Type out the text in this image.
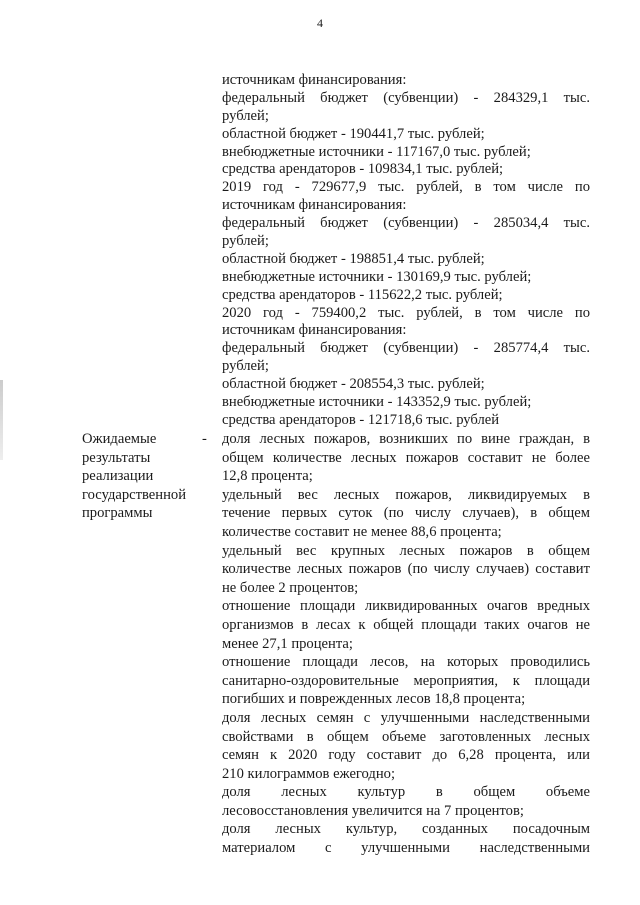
4
источникам финансирования:
федеральный бюджет (субвенции) - 284329,1 тыс.
рублей;
областной бюджет - 190441,7 тыс. рублей;
внебюджетные источники - 117167,0 тыс. рублей;
средства арендаторов - 109834,1 тыс. рублей;
2019 год - 729677,9 тыс. рублей, в том числе по
источникам финансирования:
федеральный бюджет (субвенции) - 285034,4 тыс.
рублей;
областной бюджет - 198851,4 тыс. рублей;
внебюджетные источники - 130169,9 тыс. рублей;
средства арендаторов - 115622,2 тыс. рублей;
2020 год - 759400,2 тыс. рублей, в том числе по
источникам финансирования:
федеральный бюджет (субвенции) - 285774,4 тыс.
рублей;
областной бюджет - 208554,3 тыс. рублей;
внебюджетные источники - 143352,9 тыс. рублей;
средства арендаторов - 121718,6 тыс. рублей
Ожидаемые
результаты
реализации
государственной
программы
- доля лесных пожаров, возникших по вине граждан, в
общем количестве лесных пожаров составит не более
12,8 процента;
удельный вес лесных пожаров, ликвидируемых в
течение первых суток (по числу случаев), в общем
количестве составит не менее 88,6 процента;
удельный вес крупных лесных пожаров в общем
количестве лесных пожаров (по числу случаев) составит
не более 2 процентов;
отношение площади ликвидированных очагов вредных
организмов в лесах к общей площади таких очагов не
менее 27,1 процента;
отношение площади лесов, на которых проводились
санитарно-оздоровительные мероприятия, к площади
погибших и поврежденных лесов 18,8 процента;
доля лесных семян с улучшенными наследственными
свойствами в общем объеме заготовленных лесных
семян к 2020 году составит до 6,28 процента, или
210 килограммов ежегодно;
доля лесных культур в общем объеме
лесовосстановления увеличится на 7 процентов;
доля лесных культур, созданных посадочным
материалом с улучшенными наследственными
